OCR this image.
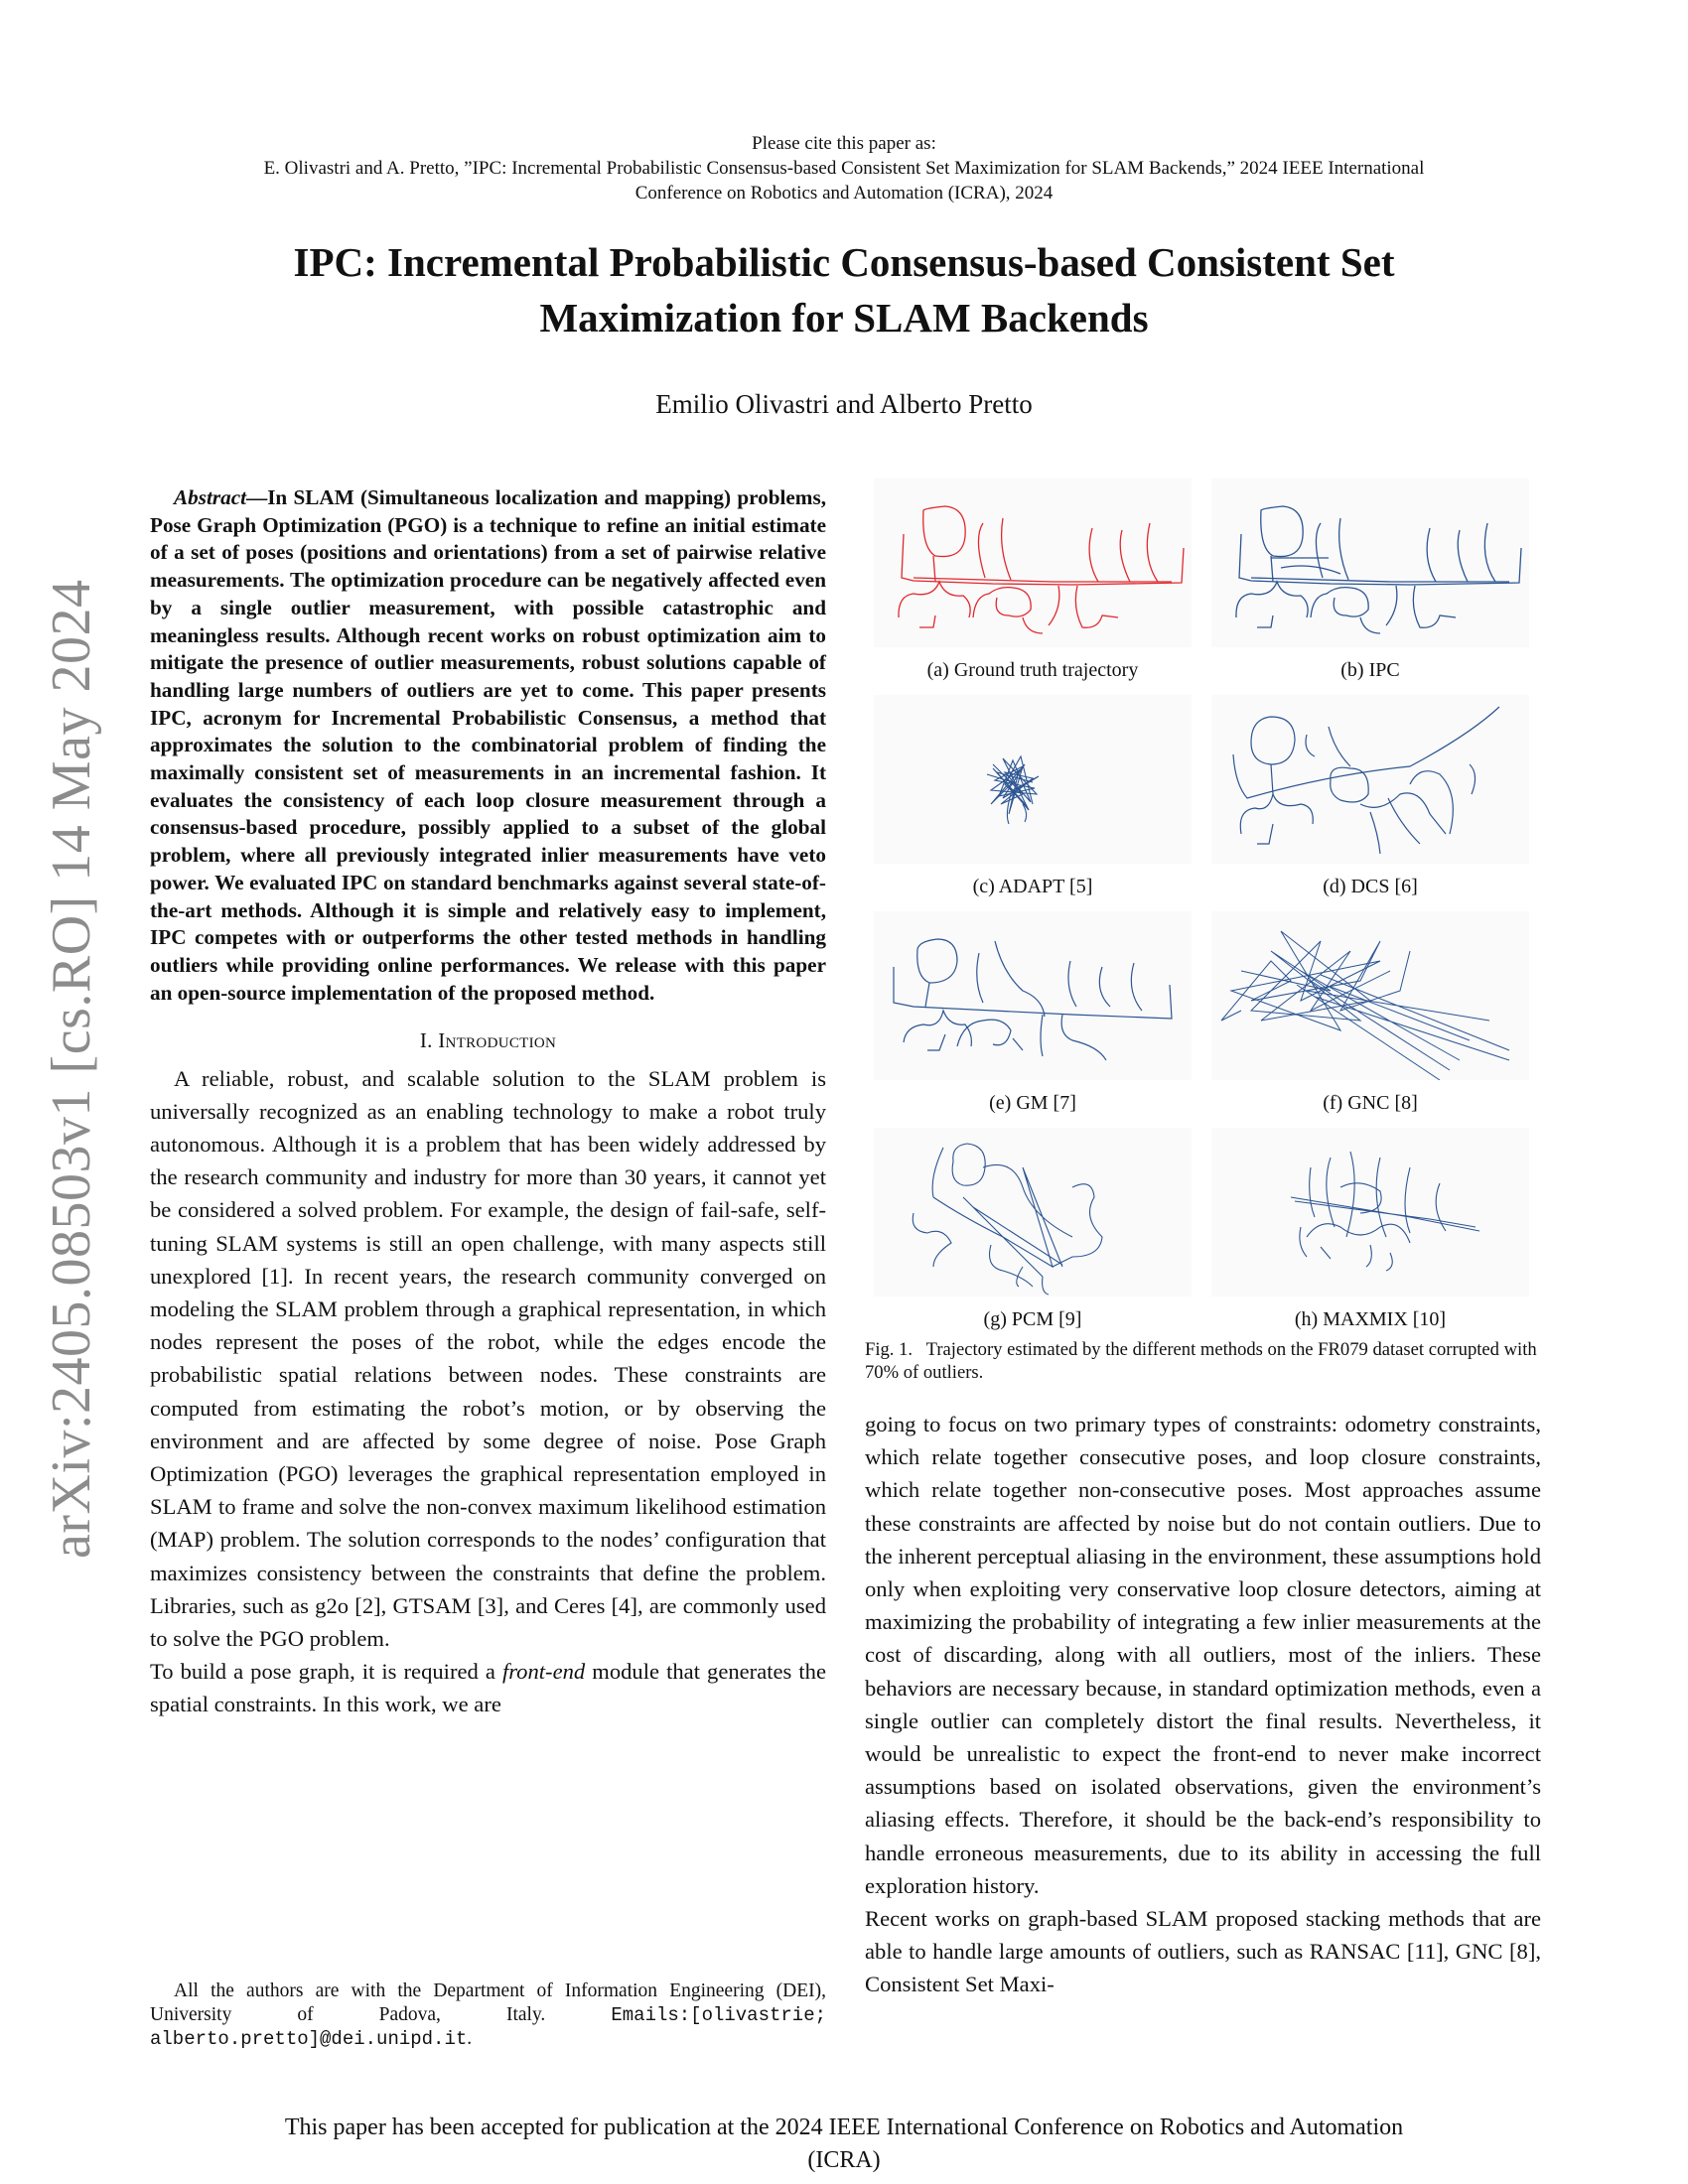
Please cite this paper as:
E. Olivastri and A. Pretto, ”IPC: Incremental Probabilistic Consensus-based Consistent Set Maximization for SLAM Backends,” 2024 IEEE International
Conference on Robotics and Automation (ICRA), 2024
IPC: Incremental Probabilistic Consensus-based Consistent Set
Maximization for SLAM Backends
Emilio Olivastri and Alberto Pretto
arXiv:2405.08503v1 [cs.RO] 14 May 2024

Abstract—In SLAM (Simultaneous localization and mapping) problems, Pose Graph Optimization (PGO) is a technique to refine an initial estimate of a set of poses (positions and orientations) from a set of pairwise relative measurements. The optimization procedure can be negatively affected even by a single outlier measurement, with possible catastrophic and meaningless results. Although recent works on robust optimization aim to mitigate the presence of outlier measurements, robust solutions capable of handling large numbers of outliers are yet to come. This paper presents IPC, acronym for Incremental Probabilistic Consensus, a method that approximates the solution to the combinatorial problem of finding the maximally consistent set of measurements in an incremental fashion. It evaluates the consistency of each loop closure measurement through a consensus-based procedure, possibly applied to a subset of the global problem, where all previously integrated inlier measurements have veto power. We evaluated IPC on standard benchmarks against several state-of-the-art methods. Although it is simple and relatively easy to implement, IPC competes with or outperforms the other tested methods in handling outliers while providing online performances. We release with this paper an open-source implementation of the proposed method.

I. Introduction

A reliable, robust, and scalable solution to the SLAM problem is universally recognized as an enabling technology to make a robot truly autonomous. Although it is a problem that has been widely addressed by the research community and industry for more than 30 years, it cannot yet be considered a solved problem. For example, the design of fail-safe, self-tuning SLAM systems is still an open challenge, with many aspects still unexplored [1]. In recent years, the research community converged on modeling the SLAM problem through a graphical representation, in which nodes represent the poses of the robot, while the edges encode the probabilistic spatial relations between nodes. These constraints are computed from estimating the robot’s motion, or by observing the environment and are affected by some degree of noise. Pose Graph Optimization (PGO) leverages the graphical representation employed in SLAM to frame and solve the non-convex maximum likelihood estimation (MAP) problem. The solution corresponds to the nodes’ configuration that maximizes consistency between the constraints that define the problem. Libraries, such as g2o [2], GTSAM [3], and Ceres [4], are commonly used to solve the PGO problem.

To build a pose graph, it is required a front-end module that generates the spatial constraints. In this work, we are

All the authors are with the Department of Information Engineering (DEI), University of Padova, Italy. Emails:[olivastrie; alberto.pretto]@dei.unipd.it.
(a) Ground truth trajectory	(b) IPC
(c) ADAPT [5]	(d) DCS [6]
(e) GM [7]	(f) GNC [8]
(g) PCM [9]	(h) MAXMIX [10]
Fig. 1. Trajectory estimated by the different methods on the FR079 dataset corrupted with 70% of outliers.

going to focus on two primary types of constraints: odometry constraints, which relate together consecutive poses, and loop closure constraints, which relate together non-consecutive poses. Most approaches assume these constraints are affected by noise but do not contain outliers. Due to the inherent perceptual aliasing in the environment, these assumptions hold only when exploiting very conservative loop closure detectors, aiming at maximizing the probability of integrating a few inlier measurements at the cost of discarding, along with all outliers, most of the inliers. These behaviors are necessary because, in standard optimization methods, even a single outlier can completely distort the final results. Nevertheless, it would be unrealistic to expect the front-end to never make incorrect assumptions based on isolated observations, given the environment’s aliasing effects. Therefore, it should be the back-end’s responsibility to handle erroneous measurements, due to its ability in accessing the full exploration history.

Recent works on graph-based SLAM proposed stacking methods that are able to handle large amounts of outliers, such as RANSAC [11], GNC [8], Consistent Set Maxi-

This paper has been accepted for publication at the 2024 IEEE International Conference on Robotics and Automation
(ICRA)
